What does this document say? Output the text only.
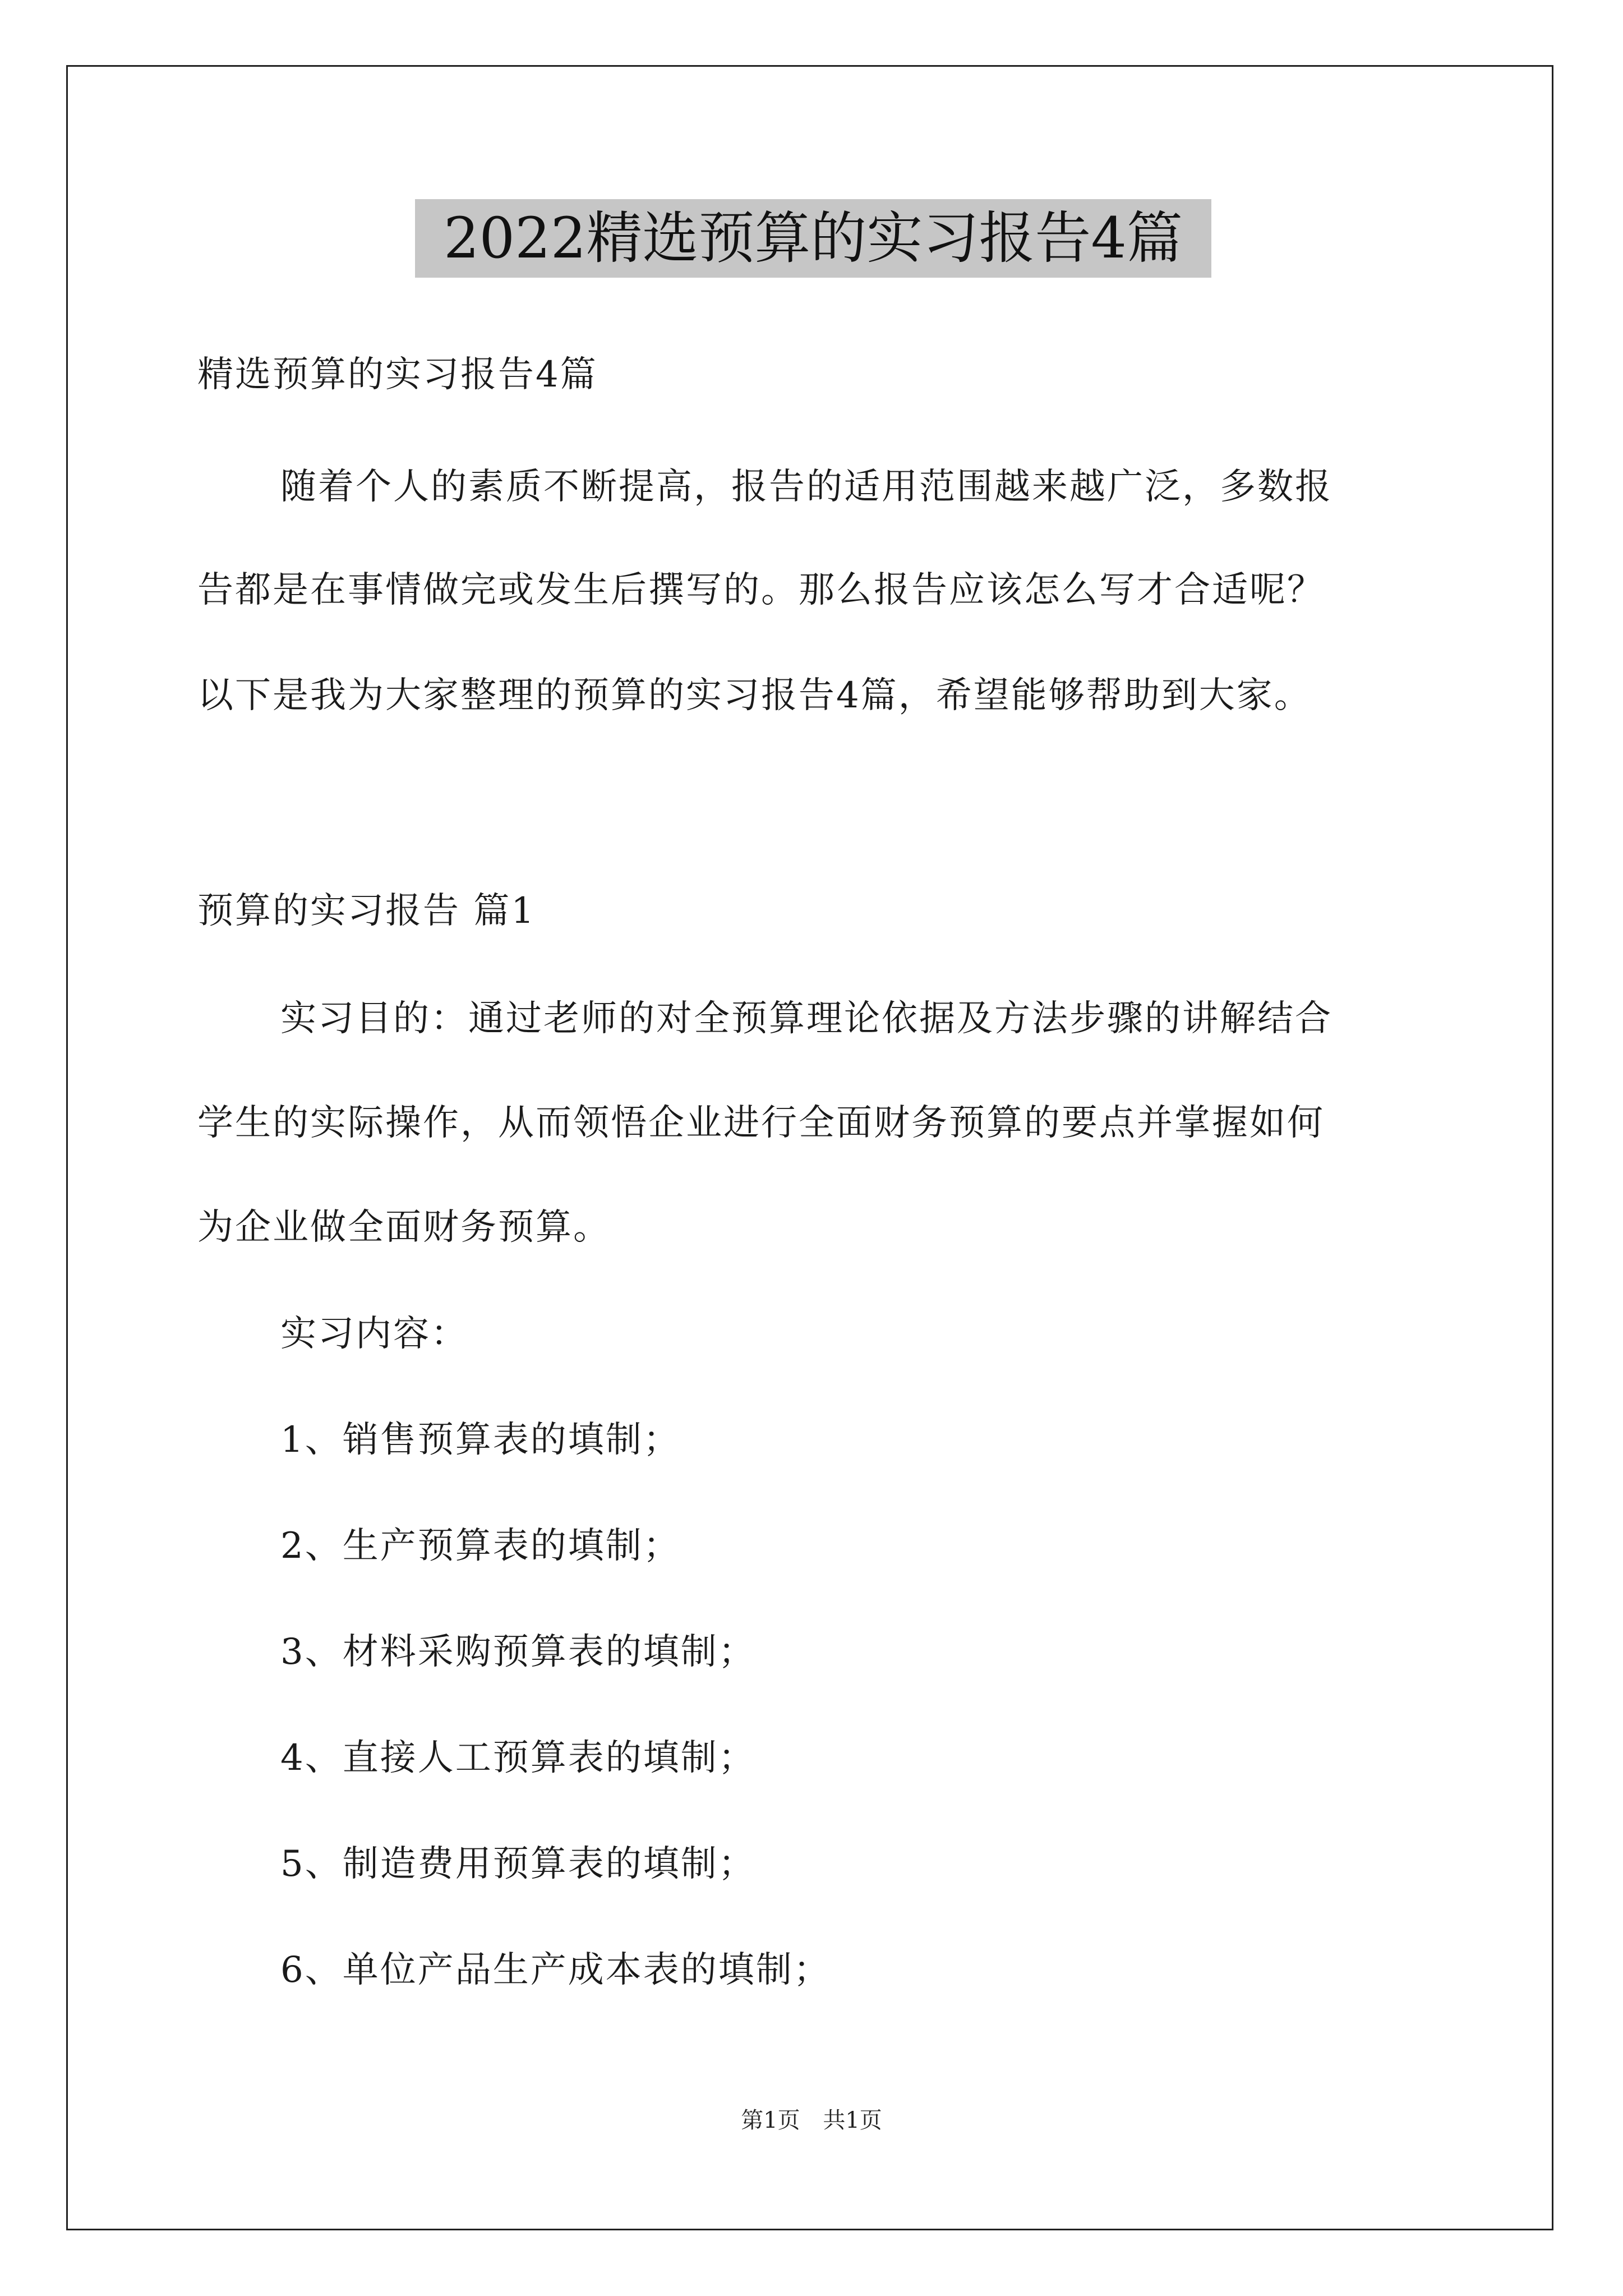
2022精选预算的实习报告4篇
精选预算的实习报告4篇
随着个人的素质不断提高，报告的适用范围越来越广泛，多数报
告都是在事情做完或发生后撰写的。那么报告应该怎么写才合适呢？
以下是我为大家整理的预算的实习报告4篇，希望能够帮助到大家。
预算的实习报告 篇1
实习目的：通过老师的对全预算理论依据及方法步骤的讲解结合
学生的实际操作，从而领悟企业进行全面财务预算的要点并掌握如何
为企业做全面财务预算。
实习内容：
1、销售预算表的填制；
2、生产预算表的填制；
3、材料采购预算表的填制；
4、直接人工预算表的填制；
5、制造费用预算表的填制；
6、单位产品生产成本表的填制；
第1页 共1页
